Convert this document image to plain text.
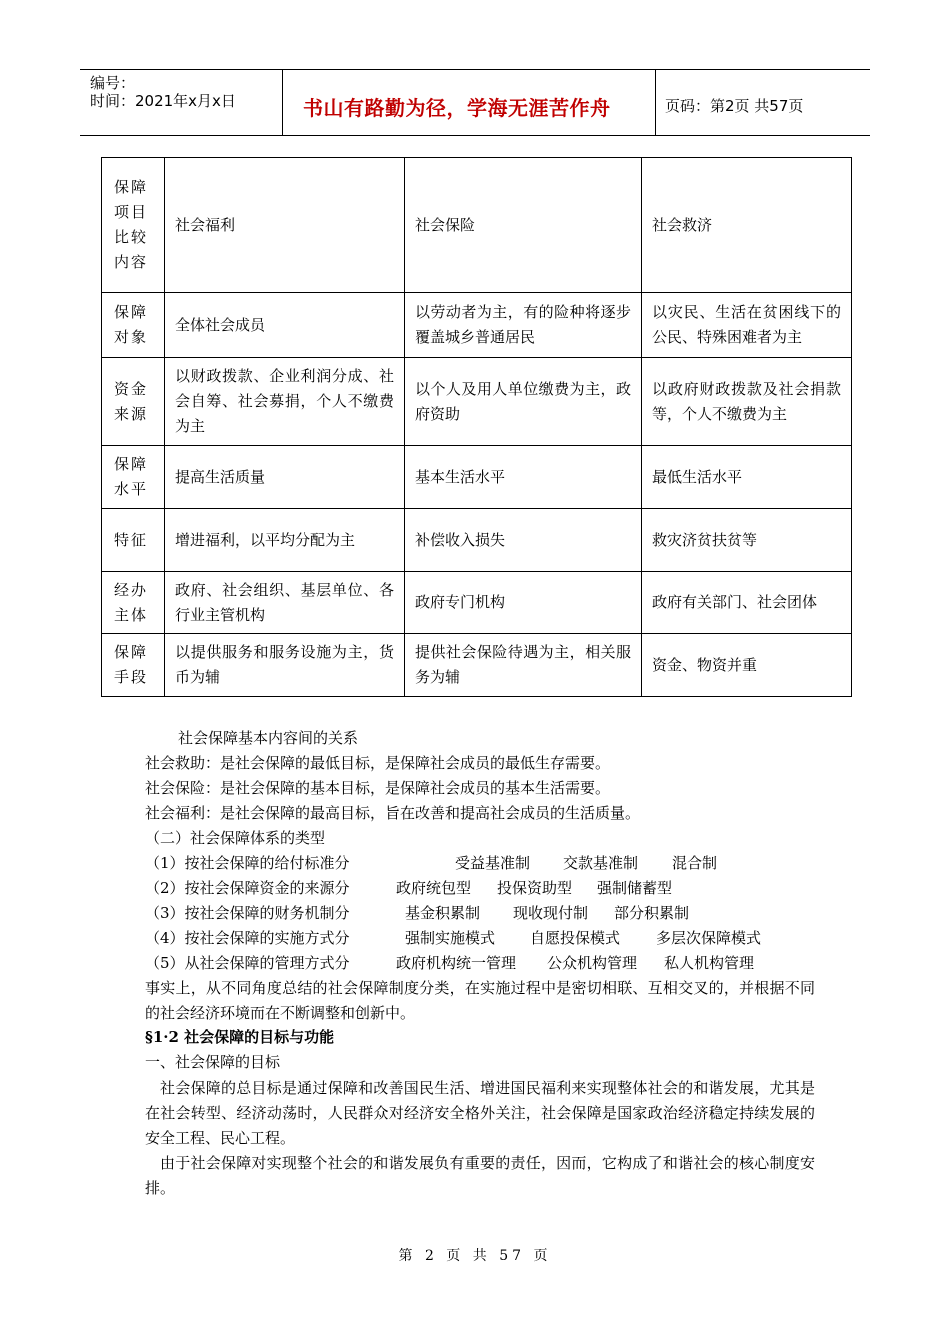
编号：
时间：2021年x月x日	书山有路勤为径，学海无涯苦作舟	页码：第2页 共57页
保障项目比较内容	社会福利	社会保险	社会救济
保障对象	全体社会成员	以劳动者为主，有的险种将逐步覆盖城乡普通居民	以灾民、生活在贫困线下的公民、特殊困难者为主
资金来源	以财政拨款、企业利润分成、社会自筹、社会募捐，个人不缴费为主	以个人及用人单位缴费为主，政府资助	以政府财政拨款及社会捐款等，个人不缴费为主
保障水平	提高生活质量	基本生活水平	最低生活水平
特征	增进福利，以平均分配为主	补偿收入损失	救灾济贫扶贫等
经办主体	政府、社会组织、基层单位、各行业主管机构	政府专门机构	政府有关部门、社会团体
保障手段	以提供服务和服务设施为主，货币为辅	提供社会保险待遇为主，相关服务为辅	资金、物资并重
社会保障基本内容间的关系
社会救助：是社会保障的最低目标，是保障社会成员的最低生存需要。
社会保险：是社会保障的基本目标，是保障社会成员的基本生活需要。
社会福利：是社会保障的最高目标，旨在改善和提高社会成员的生活质量。
（二）社会保障体系的类型
（1）按社会保障的给付标准分	受益基准制 交款基准制 混合制
（2）按社会保障资金的来源分	政府统包型 投保资助型 强制储蓄型
（3）按社会保障的财务机制分	基金积累制 现收现付制 部分积累制
（4）按社会保障的实施方式分	强制实施模式 自愿投保模式 多层次保障模式
（5）从社会保障的管理方式分	政府机构统一管理 公众机构管理 私人机构管理
事实上，从不同角度总结的社会保障制度分类，在实施过程中是密切相联、互相交叉的，并根据不同的社会经济环境而在不断调整和创新中。
§1·2 社会保障的目标与功能
一、社会保障的目标
社会保障的总目标是通过保障和改善国民生活、增进国民福利来实现整体社会的和谐发展，尤其是在社会转型、经济动荡时，人民群众对经济安全格外关注，社会保障是国家政治经济稳定持续发展的安全工程、民心工程。
由于社会保障对实现整个社会的和谐发展负有重要的责任，因而，它构成了和谐社会的核心制度安排。
第 2 页 共 57 页
